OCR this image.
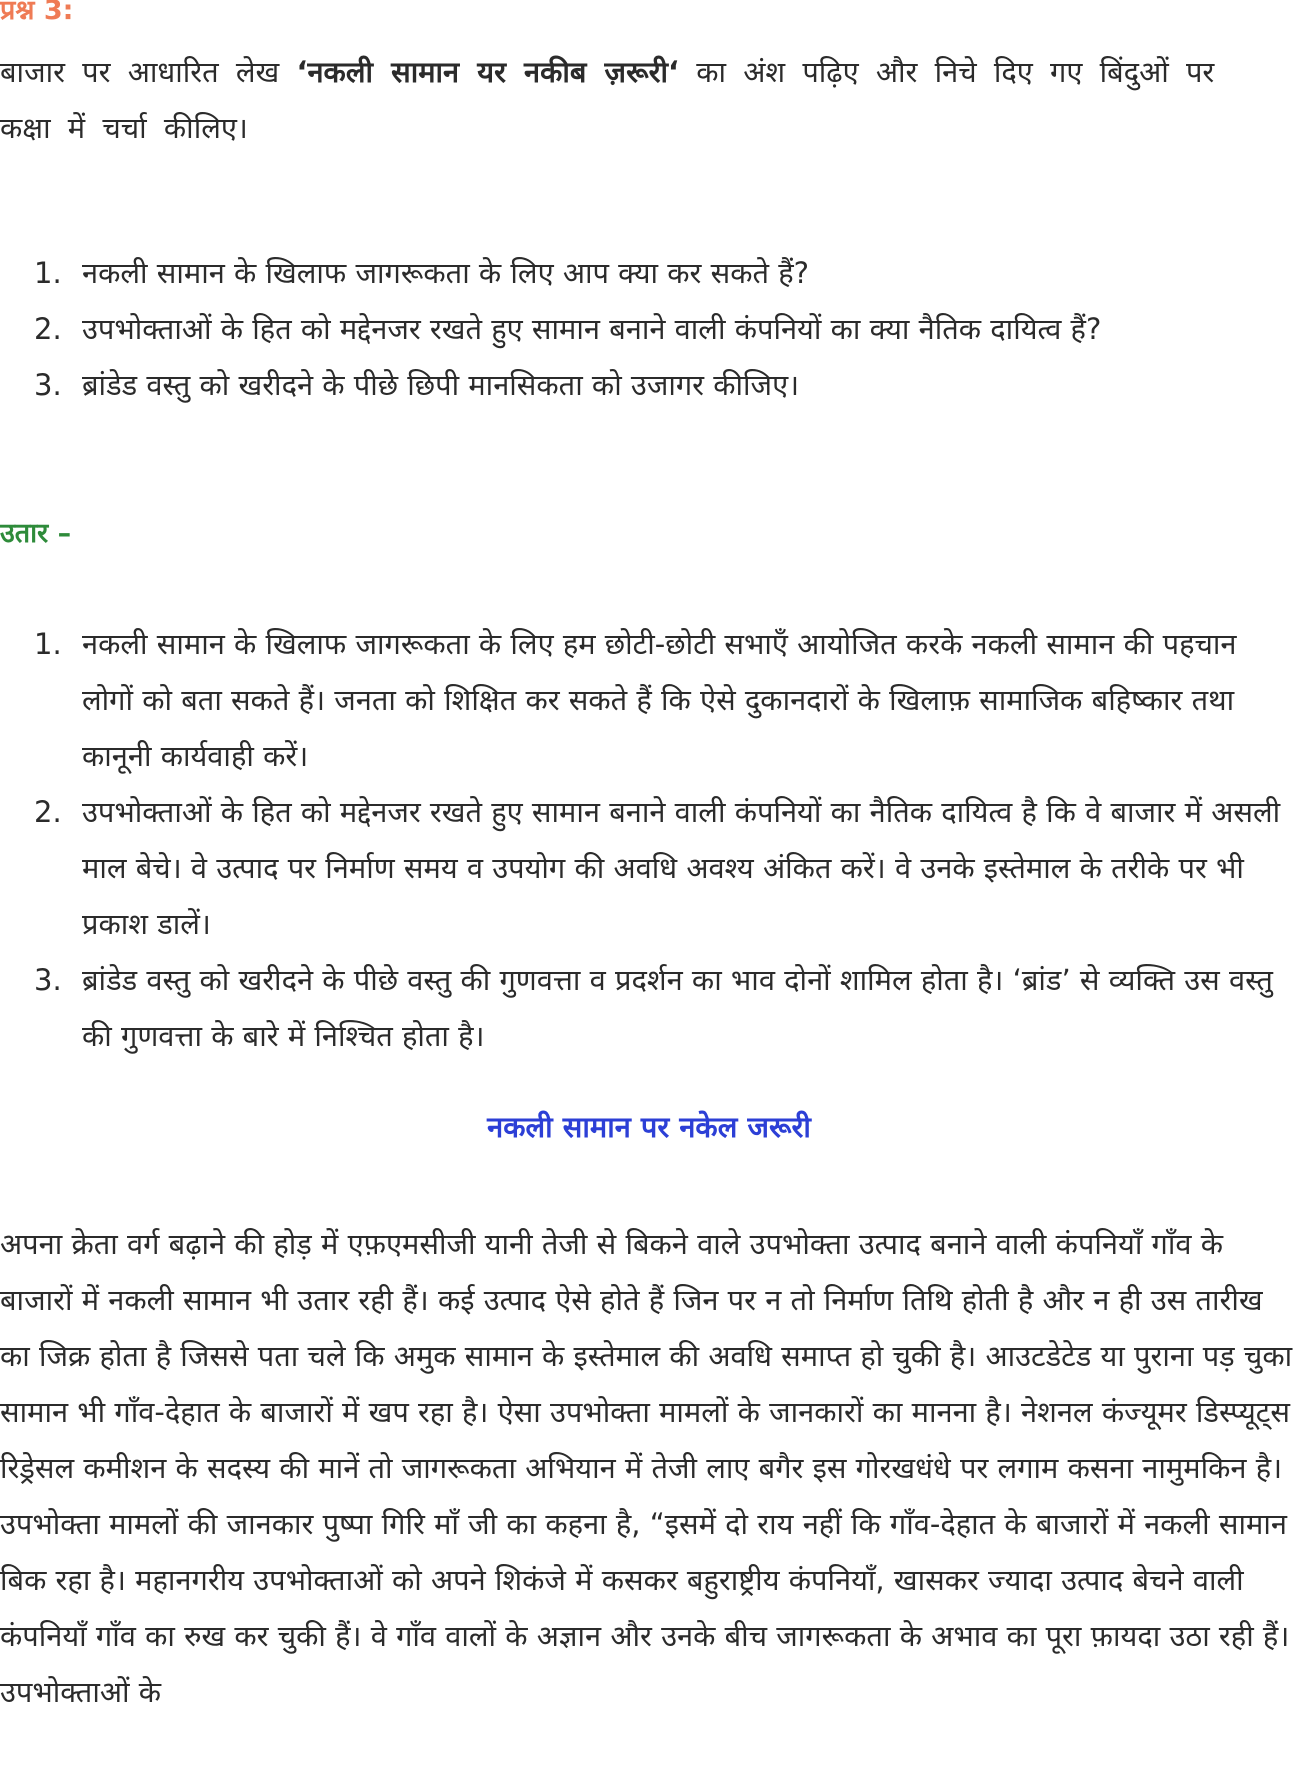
प्रश्न 3:
बाजार पर आधारित लेख ‘नकली सामान यर नकीब ज़रूरी‘ का अंश पढ़िए और निचे दिए गए बिंदुओं पर कक्षा में चर्चा कीलिए।
1. नकली सामान के खिलाफ जागरूकता के लिए आप क्या कर सकते हैं?
2. उपभोक्ताओं के हित को मद्देनजर रखते हुए सामान बनाने वाली कंपनियों का क्या नैतिक दायित्व हैं?
3. ब्रांडेड वस्तु को खरीदने के पीछे छिपी मानसिकता को उजागर कीजिए।
उतार –
1. नकली सामान के खिलाफ जागरूकता के लिए हम छोटी-छोटी सभाएँ आयोजित करके नकली सामान की पहचान लोगों को बता सकते हैं। जनता को शिक्षित कर सकते हैं कि ऐसे दुकानदारों के खिलाफ़ सामाजिक बहिष्कार तथा कानूनी कार्यवाही करें।
2. उपभोक्ताओं के हित को मद्देनजर रखते हुए सामान बनाने वाली कंपनियों का नैतिक दायित्व है कि वे बाजार में असली माल बेचे। वे उत्पाद पर निर्माण समय व उपयोग की अवधि अवश्य अंकित करें। वे उनके इस्तेमाल के तरीके पर भी प्रकाश डालें।
3. ब्रांडेड वस्तु को खरीदने के पीछे वस्तु की गुणवत्ता व प्रदर्शन का भाव दोनों शामिल होता है। ‘ब्रांड’ से व्यक्ति उस वस्तु की गुणवत्ता के बारे में निश्चित होता है।
नकली सामान पर नकेल जरूरी

अपना क्रेता वर्ग बढ़ाने की होड़ में एफ़एमसीजी यानी तेजी से बिकने वाले उपभोक्ता उत्पाद बनाने वाली कंपनियाँ गाँव के बाजारों में नकली सामान भी उतार रही हैं। कई उत्पाद ऐसे होते हैं जिन पर न तो निर्माण तिथि होती है और न ही उस तारीख का जिक्र होता है जिससे पता चले कि अमुक सामान के इस्तेमाल की अवधि समाप्त हो चुकी है। आउटडेटेड या पुराना पड़ चुका सामान भी गाँव-देहात के बाजारों में खप रहा है। ऐसा उपभोक्ता मामलों के जानकारों का मानना है। नेशनल कंज्यूमर डिस्प्यूट्स रिड्रेसल कमीशन के सदस्य की मानें तो जागरूकता अभियान में तेजी लाए बगैर इस गोरखधंधे पर लगाम कसना नामुमकिन है। उपभोक्ता मामलों की जानकार पुष्पा गिरि माँ जी का कहना है, “इसमें दो राय नहीं कि गाँव-देहात के बाजारों में नकली सामान बिक रहा है। महानगरीय उपभोक्ताओं को अपने शिकंजे में कसकर बहुराष्ट्रीय कंपनियाँ, खासकर ज्यादा उत्पाद बेचने वाली कंपनियाँ गाँव का रुख कर चुकी हैं। वे गाँव वालों के अज्ञान और उनके बीच जागरूकता के अभाव का पूरा फ़ायदा उठा रही हैं। उपभोक्ताओं के
